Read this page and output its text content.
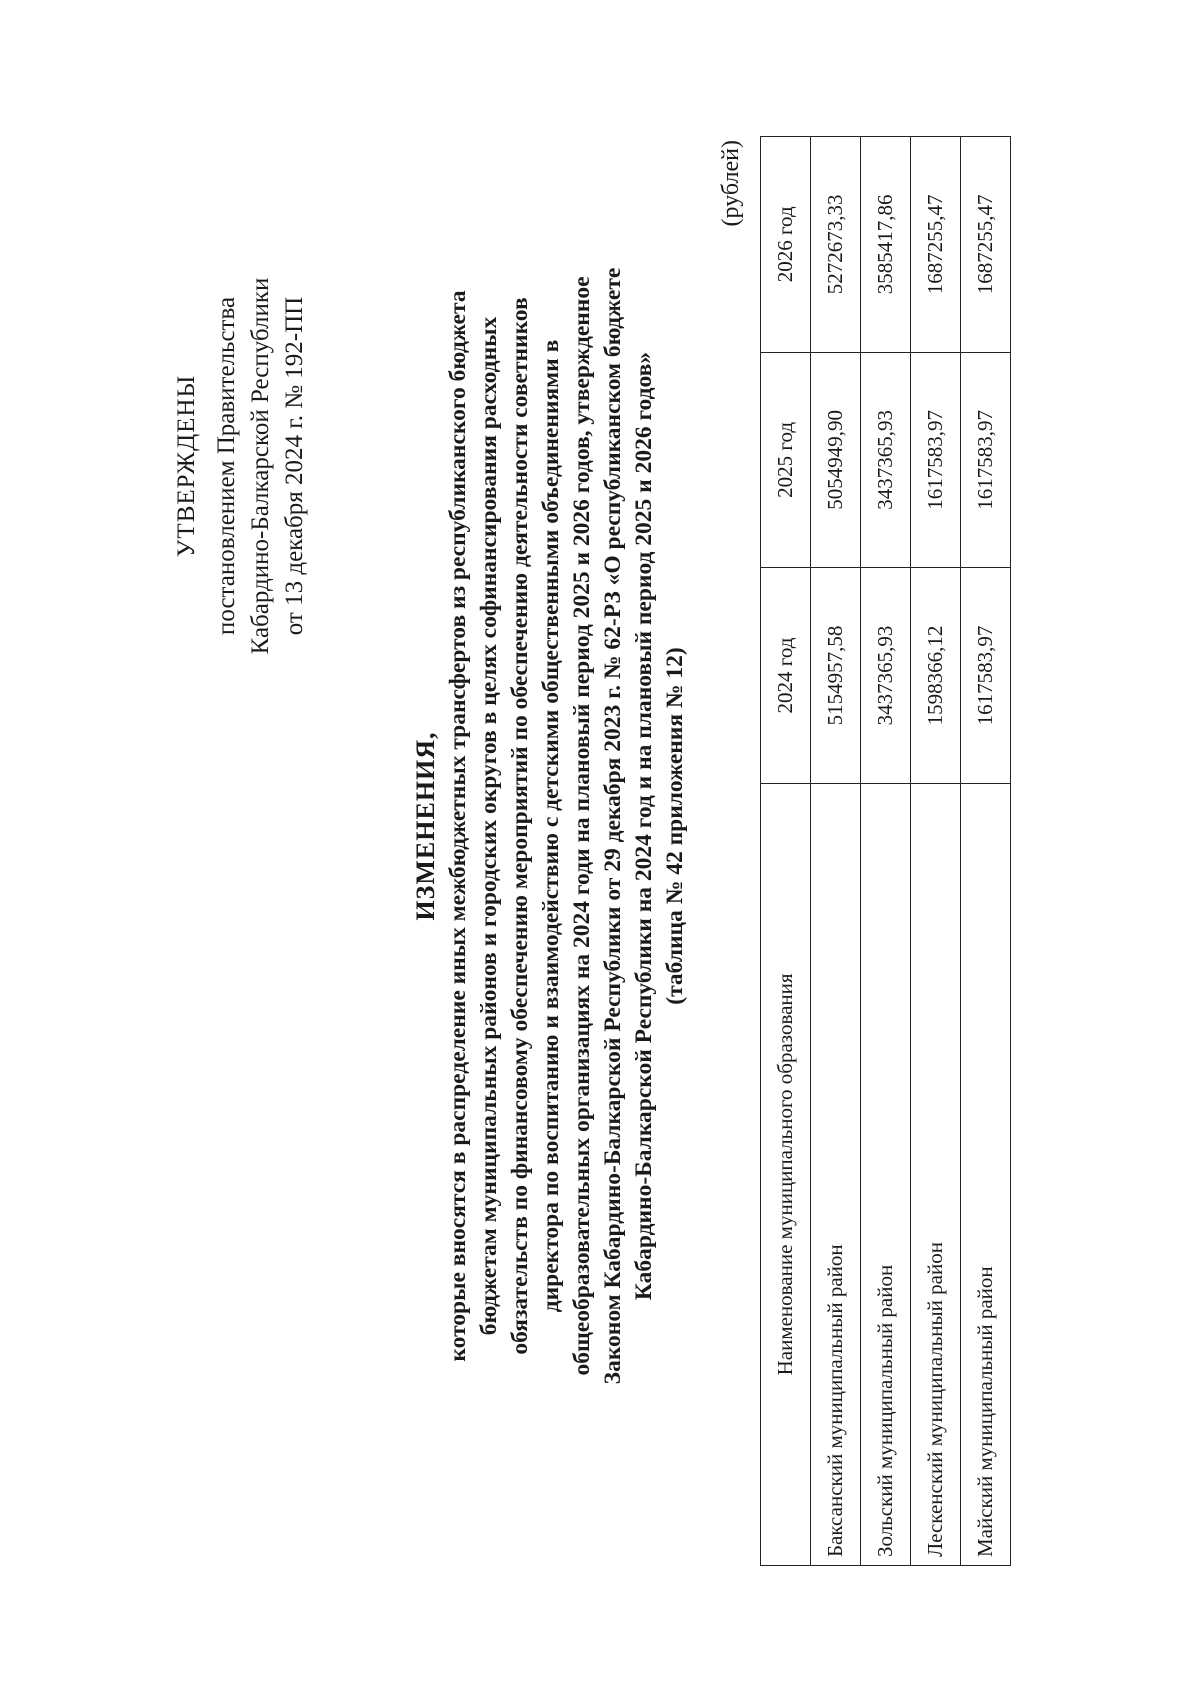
УТВЕРЖДЕНЫ постановлением Правительства Кабардино-Балкарской Республики от 13 декабря 2024 г. № 192-ПП
ИЗМЕНЕНИЯ, которые вносятся в распределение иных межбюджетных трансфертов из республиканского бюджета бюджетам муниципальных районов и городских округов в целях софинансирования расходных обязательств по финансовому обеспечению мероприятий по обеспечению деятельности советников директора по воспитанию и взаимодействию с детскими общественными объединениями в общеобразовательных организациях на 2024 годи на плановый период 2025 и 2026 годов, утвержденное Законом Кабардино-Балкарской Республики от 29 декабря 2023 г. № 62-РЗ «О республиканском бюджете Кабардино-Балкарской Республики на 2024 год и на плановый период 2025 и 2026 годов» (таблица № 42 приложения № 12)
(рублей)
Наименование муниципального образования	2024 год	2025 год	2026 год
Баксанский муниципальный район	5154957,58	5054949,90	5272673,33
Зольский муниципальный район	3437365,93	3437365,93	3585417,86
Лескенский муниципальный район	1598366,12	1617583,97	1687255,47
Майский муниципальный район	1617583,97	1617583,97	1687255,47
